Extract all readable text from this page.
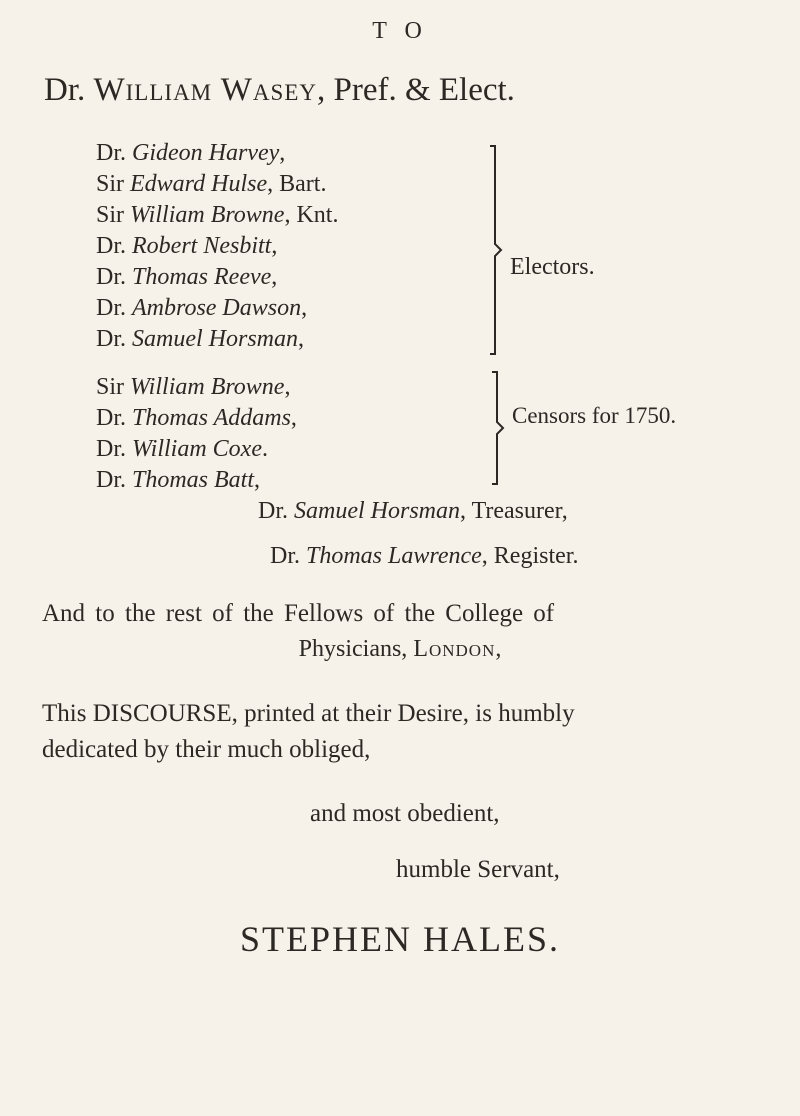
T O
Dr. William Wasey, Pref. & Elect.
Dr. Gideon Harvey,
Sir Edward Hulse, Bart.
Sir William Browne, Knt.
Dr. Robert Nesbitt,
Dr. Thomas Reeve,
Dr. Ambrose Dawson,
Dr. Samuel Horsman,
Electors.
Sir William Browne,
Dr. Thomas Addams,
Dr. William Coxe.
Dr. Thomas Batt,
Censors for 1750.
Dr. Samuel Horsman, Treasurer,
Dr. Thomas Lawrence, Register.
And to the rest of the Fellows of the College of
Physicians, London,
This DISCOURSE, printed at their Desire, is humbly
dedicated by their much obliged,
and most obedient,
humble Servant,
STEPHEN HALES.
